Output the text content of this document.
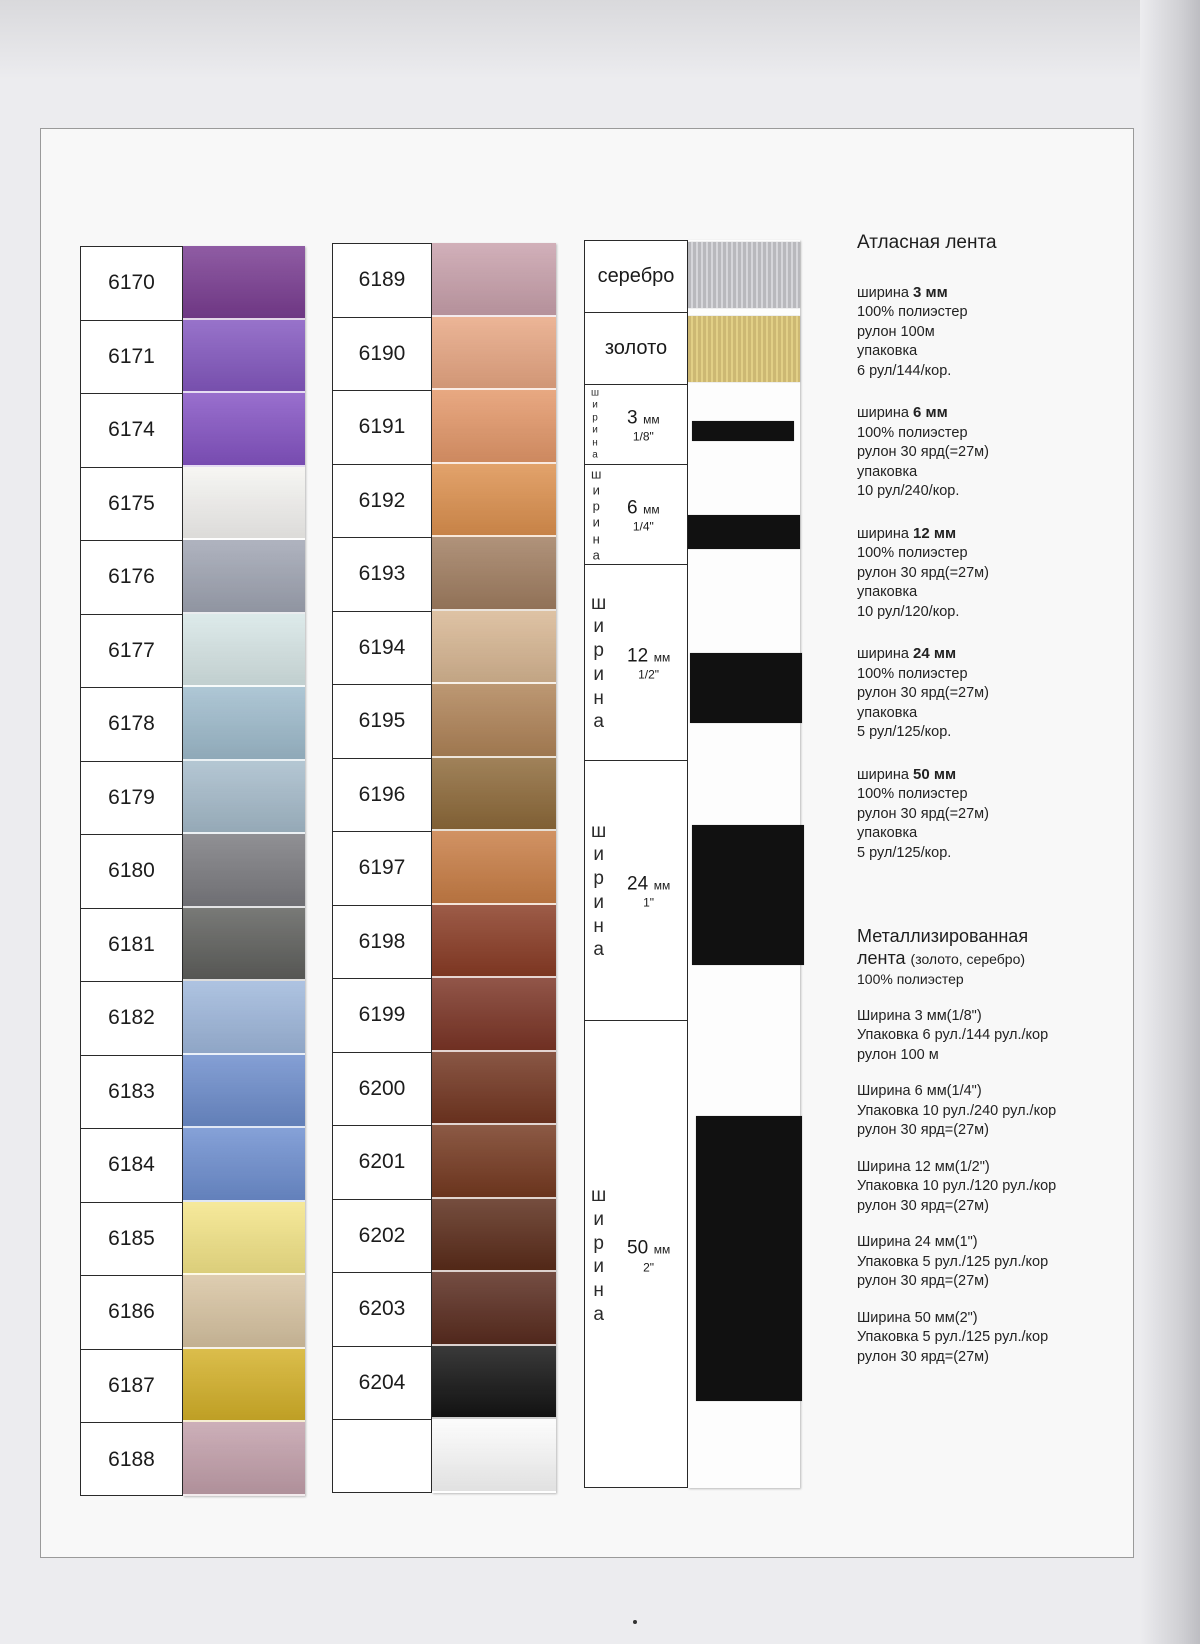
6170
6171
6174
6175
6176
6177
6178
6179
6180
6181
6182
6183
6184
6185
6186
6187
6188
6189
6190
6191
6192
6193
6194
6195
6196
6197
6198
6199
6200
6201
6202
6203
6204
серебро
золото
ш
и
р
и
н
а
3 мм
1/8"
ш
и
р
и
н
а
6 мм
1/4"
ш
и
р
и
н
а
12 мм
1/2"
ш
и
р
и
н
а
24 мм
1"
ш
и
р
и
н
а
50 мм
2"
Атласная лента
ширина 3 мм
100% полиэстер
рулон 100м
упаковка
6 рул/144/кор.
ширина 6 мм
100% полиэстер
рулон 30 ярд(=27м)
упаковка
10 рул/240/кор.
ширина 12 мм
100% полиэстер
рулон 30 ярд(=27м)
упаковка
10 рул/120/кор.
ширина 24 мм
100% полиэстер
рулон 30 ярд(=27м)
упаковка
5 рул/125/кор.
ширина 50 мм
100% полиэстер
рулон 30 ярд(=27м)
упаковка
5 рул/125/кор.
Металлизированная
лента (золото, серебро)
100% полиэстер
Ширина 3 мм(1/8")
Упаковка 6 рул./144 рул./кор
рулон 100 м
Ширина 6 мм(1/4")
Упаковка 10 рул./240 рул./кор
рулон 30 ярд=(27м)
Ширина 12 мм(1/2")
Упаковка 10 рул./120 рул./кор
рулон 30 ярд=(27м)
Ширина 24 мм(1")
Упаковка 5 рул./125 рул./кор
рулон 30 ярд=(27м)
Ширина 50 мм(2")
Упаковка 5 рул./125 рул./кор
рулон 30 ярд=(27м)
